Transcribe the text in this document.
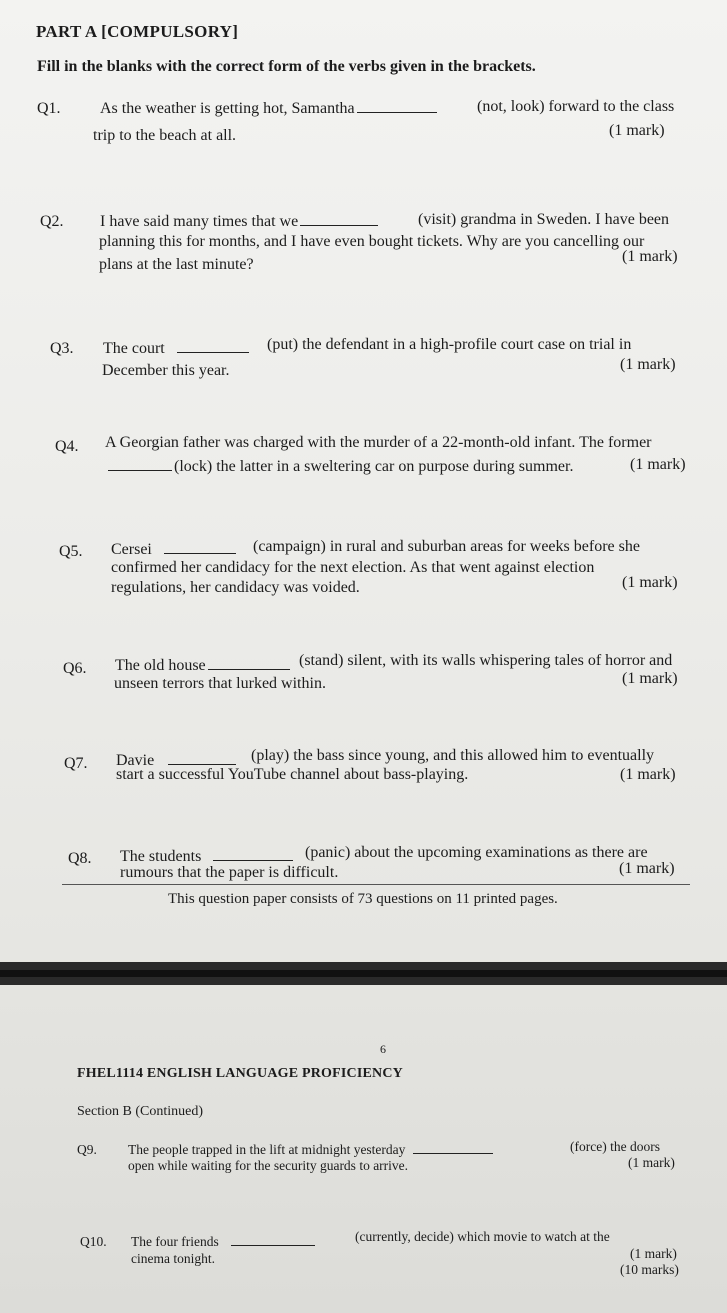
PART A [COMPULSORY]
Fill in the blanks with the correct form of the verbs given in the brackets.
Q1. As the weather is getting hot, Samantha	(not, look) forward to the class
trip to the beach at all.	(1 mark)
Q2. I have said many times that we	(visit) grandma in Sweden. I have been
planning this for months, and I have even bought tickets. Why are you cancelling our
plans at the last minute?	(1 mark)
Q3. The court	(put) the defendant in a high-profile court case on trial in
December this year.	(1 mark)
Q4. A Georgian father was charged with the murder of a 22-month-old infant. The former
(lock) the latter in a sweltering car on purpose during summer.	(1 mark)
Q5. Cersei	(campaign) in rural and suburban areas for weeks before she
confirmed her candidacy for the next election. As that went against election
regulations, her candidacy was voided.	(1 mark)
Q6. The old house	(stand) silent, with its walls whispering tales of horror and
unseen terrors that lurked within.	(1 mark)
Q7. Davie	(play) the bass since young, and this allowed him to eventually
start a successful YouTube channel about bass-playing.	(1 mark)
Q8. The students	(panic) about the upcoming examinations as there are
rumours that the paper is difficult.	(1 mark)
This question paper consists of 73 questions on 11 printed pages.
6
FHEL1114 ENGLISH LANGUAGE PROFICIENCY
Section B (Continued)
Q9. The people trapped in the lift at midnight yesterday	(force) the doors
open while waiting for the security guards to arrive.	(1 mark)
Q10. The four friends	(currently, decide) which movie to watch at the
cinema tonight.	(1 mark)
(10 marks)
